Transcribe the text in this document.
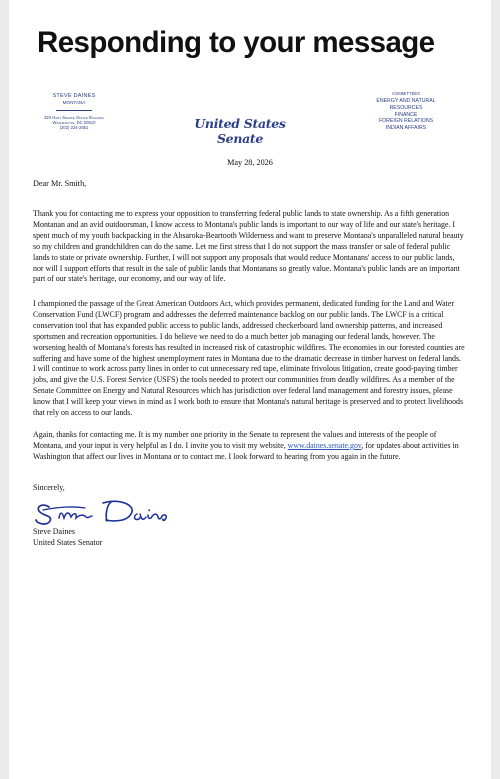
Responding to your message
STEVE DAINES
MONTANA
320 Hart Senate Office Building
Washington, DC 20510
(202) 224-2651	United States Senate
COMMITTEES
ENERGY AND NATURAL
RESOURCES
FINANCE
FOREIGN RELATIONS
INDIAN AFFAIRS
May 28, 2026
Dear Mr. Smith,
Thank you for contacting me to express your opposition to transferring federal public lands to state ownership. As a fifth generation Montanan and an avid outdoorsman, I know access to Montana's public lands is important to our way of life and our state's heritage. I spent much of my youth backpacking in the Absaroka-Beartooth Wilderness and want to preserve Montana's unparalleled natural beauty so my children and grandchildren can do the same. Let me first stress that I do not support the mass transfer or sale of federal public lands to state or private ownership. Further, I will not support any proposals that would reduce Montanans' access to our public lands, nor will I support efforts that result in the sale of public lands that Montanans so greatly value. Montana's public lands are an important part of our state's heritage, our economy, and our way of life.
I championed the passage of the Great American Outdoors Act, which provides permanent, dedicated funding for the Land and Water Conservation Fund (LWCF) program and addresses the deferred maintenance backlog on our public lands. The LWCF is a critical conservation tool that has expanded public access to public lands, addressed checkerboard land ownership patterns, and increased sportsmen and recreation opportunities. I do believe we need to do a much better job managing our federal lands, however. The worsening health of Montana's forests has resulted in increased risk of catastrophic wildfires. The economies in our forested counties are suffering and have some of the highest unemployment rates in Montana due to the dramatic decrease in timber harvest on federal lands. I will continue to work across party lines in order to cut unnecessary red tape, eliminate frivolous litigation, create good-paying timber jobs, and give the U.S. Forest Service (USFS) the tools needed to protect our communities from deadly wildfires. As a member of the Senate Committee on Energy and Natural Resources which has jurisdiction over federal land management and forestry issues, please know that I will keep your views in mind as I work both to ensure that Montana's natural heritage is preserved and to protect livelihoods that rely on access to our lands.
Again, thanks for contacting me. It is my number one priority in the Senate to represent the values and interests of the people of Montana, and your input is very helpful as I do. I invite you to visit my website, www.daines.senate.gov, for updates about activities in Washington that affect our lives in Montana or to contact me. I look forward to hearing from you again in the future.
Sincerely,
Steve Daines
United States Senator
